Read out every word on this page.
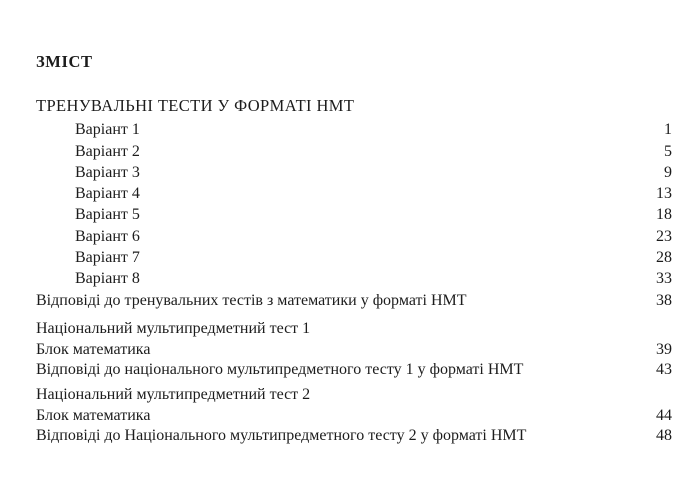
ЗМІСТ
ТРЕНУВАЛЬНІ ТЕСТИ У ФОРМАТІ НМТ
Варіант 1	1
Варіант 2	5
Варіант 3	9
Варіант 4	13
Варіант 5	18
Варіант 6	23
Варіант 7	28
Варіант 8	33
Відповіді до тренувальних тестів з математики у форматі НМТ	38
Національний мультипредметний тест 1
Блок математика	39
Відповіді до національного мультипредметного тесту 1 у форматі НМТ	43
Національний мультипредметний тест 2
Блок математика	44
Відповіді до Національного мультипредметного тесту 2 у форматі НМТ	48
